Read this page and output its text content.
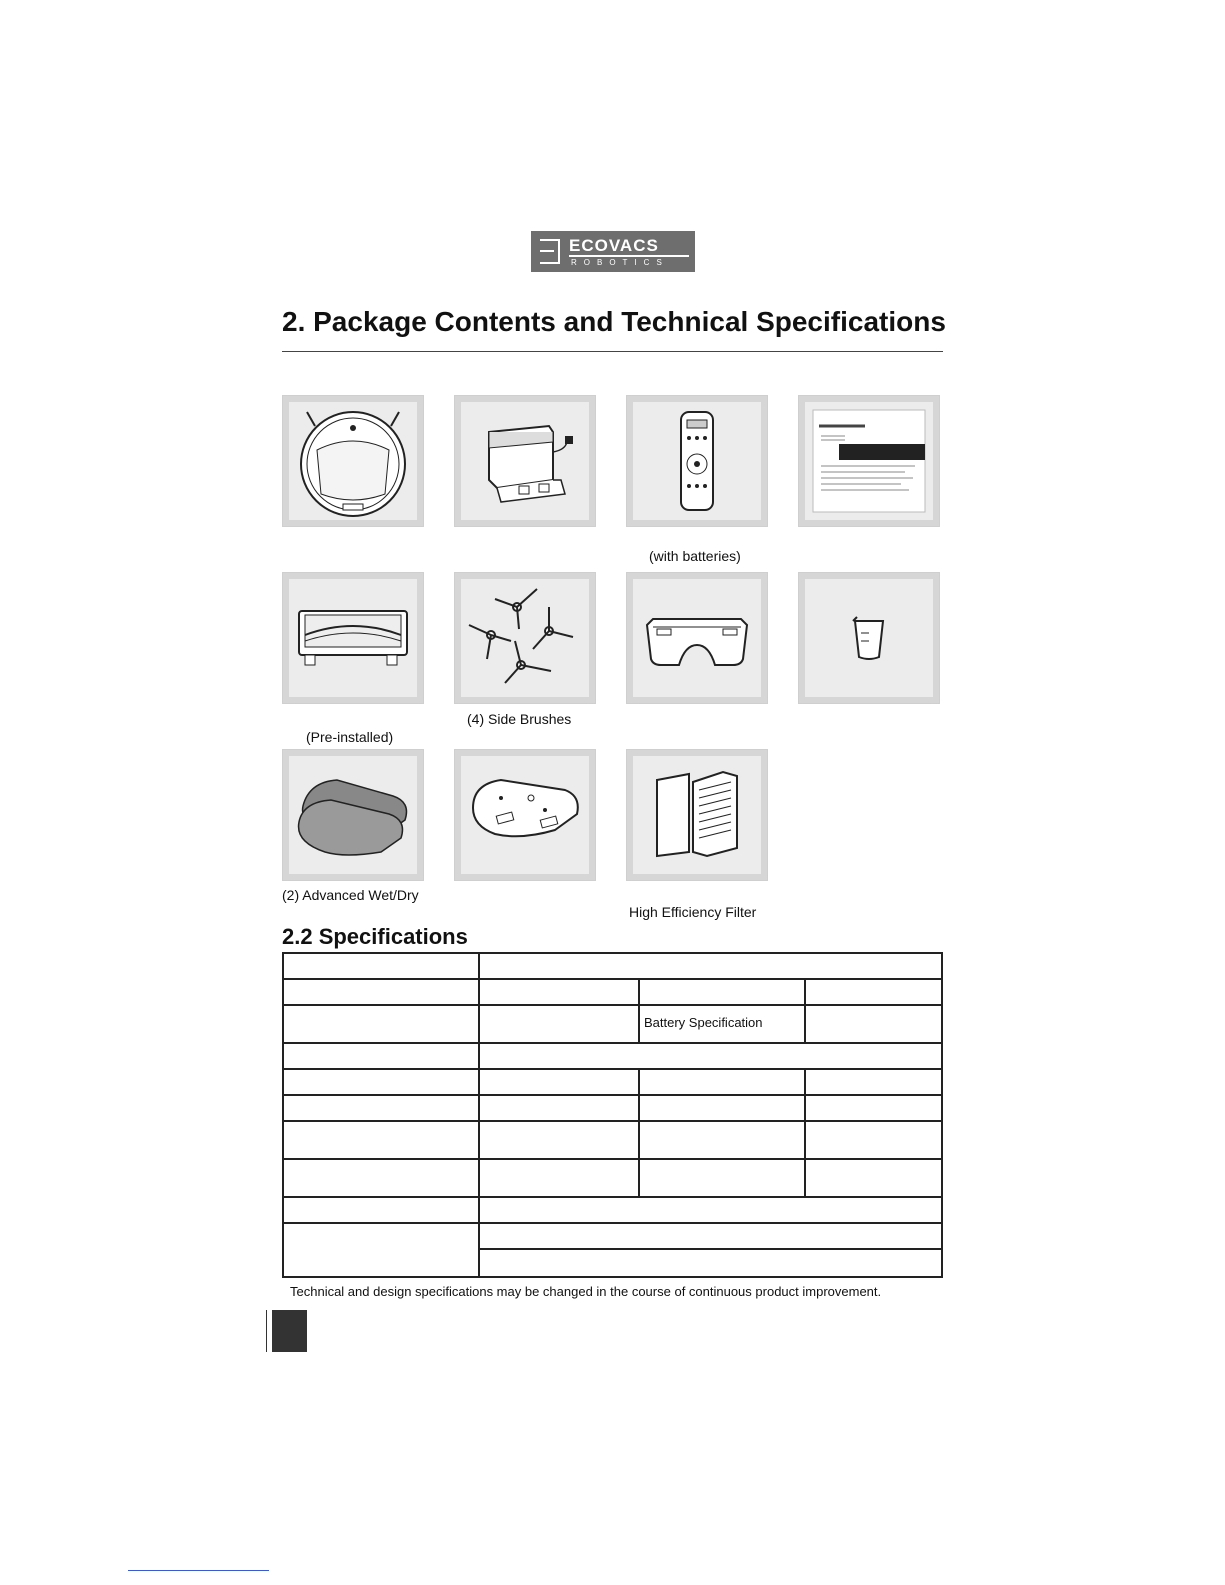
ECOVACS
ROBOTICS
2. Package Contents and Technical Specifications
(with batteries)
(4) Side Brushes
(Pre-installed)
(2) Advanced Wet/Dry
High Efficiency Filter
2.2 Specifications
Battery Specification
Technical and design specifications may be changed in the course of continuous product improvement.
